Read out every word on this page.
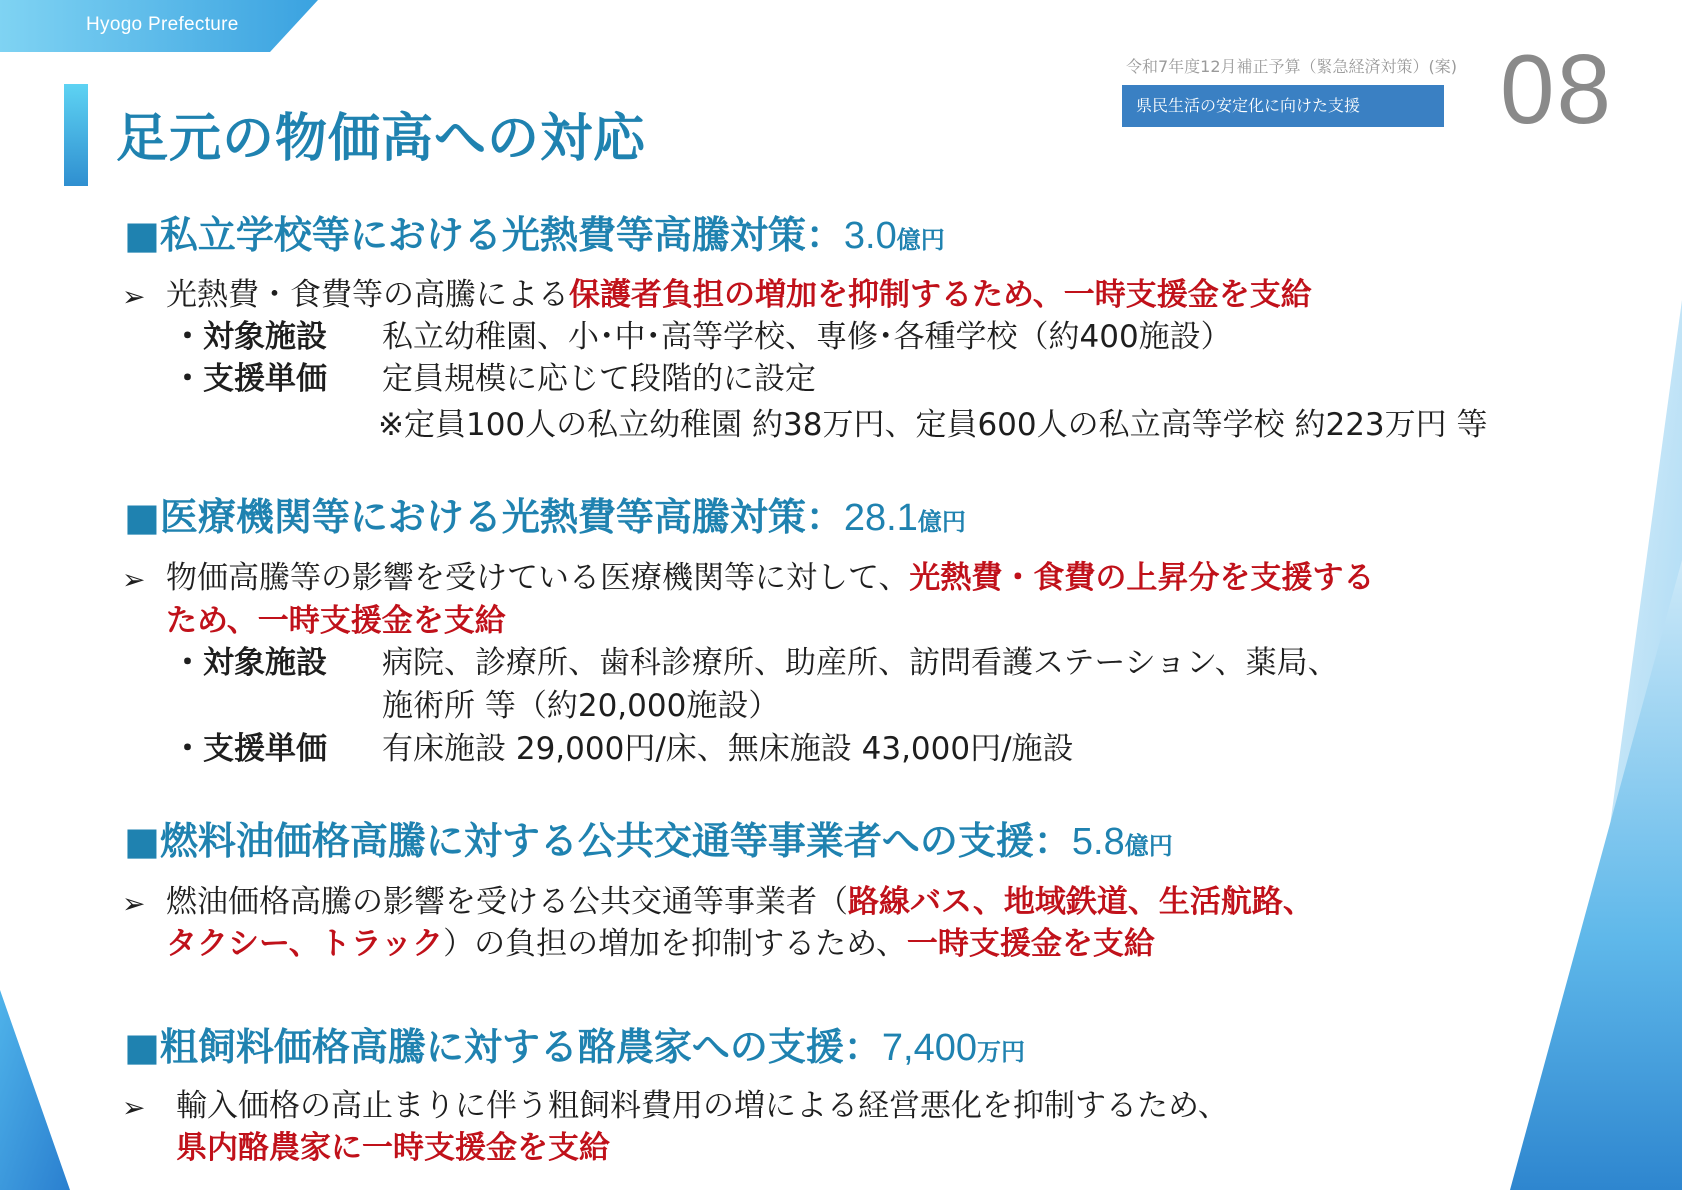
Hyogo Prefecture
足元の物価高への対応
令和7年度12月補正予算（緊急経済対策）(案)
県民生活の安定化に向けた支援	08
■私立学校等における光熱費等高騰対策：3.0億円
➢ 光熱費・食費等の高騰による保護者負担の増加を抑制するため、一時支援金を支給
・対象施設 私立幼稚園、小･中･高等学校、専修･各種学校（約400施設）
・支援単価 定員規模に応じて段階的に設定
※定員100人の私立幼稚園 約38万円、定員600人の私立高等学校 約223万円 等
■医療機関等における光熱費等高騰対策：28.1億円
➢ 物価高騰等の影響を受けている医療機関等に対して、光熱費・食費の上昇分を支援する
ため、一時支援金を支給
・対象施設 病院、診療所、歯科診療所、助産所、訪問看護ステーション、薬局、
施術所 等（約20,000施設）
・支援単価 有床施設 29,000円/床、無床施設 43,000円/施設
■燃料油価格高騰に対する公共交通等事業者への支援：5.8億円
➢ 燃油価格高騰の影響を受ける公共交通等事業者（路線バス、地域鉄道、生活航路、
タクシー、トラック）の負担の増加を抑制するため、一時支援金を支給
■粗飼料価格高騰に対する酪農家への支援：7,400万円
➢ 輸入価格の高止まりに伴う粗飼料費用の増による経営悪化を抑制するため、
県内酪農家に一時支援金を支給
